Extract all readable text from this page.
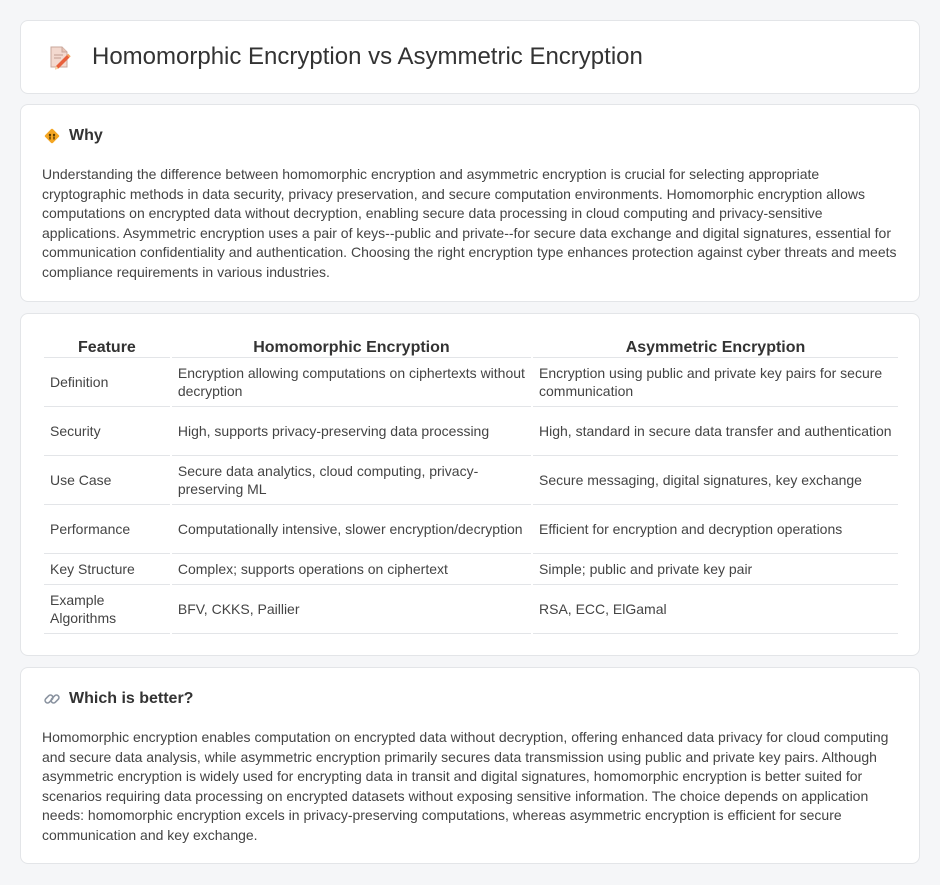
Homomorphic Encryption vs Asymmetric Encryption
Why

Understanding the difference between homomorphic encryption and asymmetric encryption is crucial for selecting appropriate cryptographic methods in data security, privacy preservation, and secure computation environments. Homomorphic encryption allows computations on encrypted data without decryption, enabling secure data processing in cloud computing and privacy-sensitive applications. Asymmetric encryption uses a pair of keys--public and private--for secure data exchange and digital signatures, essential for communication confidentiality and authentication. Choosing the right encryption type enhances protection against cyber threats and meets compliance requirements in various industries.

Feature	Homomorphic Encryption	Asymmetric Encryption
Definition	Encryption allowing computations on ciphertexts without decryption	Encryption using public and private key pairs for secure communication
Security	High, supports privacy-preserving data processing	High, standard in secure data transfer and authentication
Use Case	Secure data analytics, cloud computing, privacy-preserving ML	Secure messaging, digital signatures, key exchange
Performance	Computationally intensive, slower encryption/decryption	Efficient for encryption and decryption operations
Key Structure	Complex; supports operations on ciphertext	Simple; public and private key pair
Example Algorithms	BFV, CKKS, Paillier	RSA, ECC, ElGamal
Which is better?

Homomorphic encryption enables computation on encrypted data without decryption, offering enhanced data privacy for cloud computing and secure data analysis, while asymmetric encryption primarily secures data transmission using public and private key pairs. Although asymmetric encryption is widely used for encrypting data in transit and digital signatures, homomorphic encryption is better suited for scenarios requiring data processing on encrypted datasets without exposing sensitive information. The choice depends on application needs: homomorphic encryption excels in privacy-preserving computations, whereas asymmetric encryption is efficient for secure communication and key exchange.
